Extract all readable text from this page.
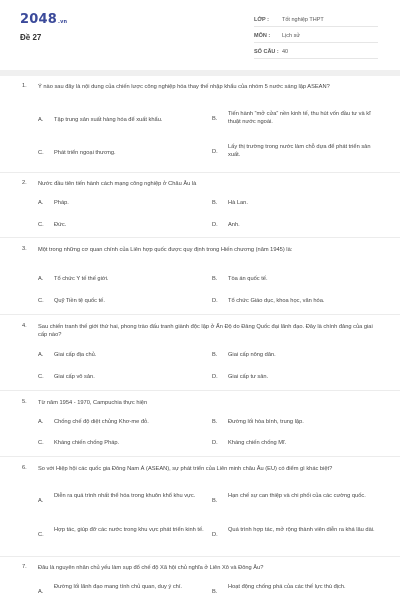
2048.vn
Đề 27
LỚP :	Tốt nghiệp THPT
MÔN :	Lịch sử
SỐ CÂU : 40
1. Ý nào sau đây là nội dung của chiến lược công nghiệp hóa thay thế nhập khẩu của nhóm 5 nước sáng lập ASEAN?
A. Tập trung sản xuất hàng hóa để xuất khẩu.	B.
Tiến hành “mở cửa” nền kinh tế, thu hút vốn đầu tư và kĩ thuật nước ngoài.
C. Phát triển ngoại thương.	D.
Lấy thị trường trong nước làm chỗ dựa để phát triển sản xuất.
2. Nước đầu tiên tiến hành cách mạng công nghiệp ở Châu Âu là
A. Pháp.	B. Hà Lan.
C. Đức.	D. Anh.
3. Một trong những cơ quan chính của Liên hợp quốc được quy định trong Hiến chương (năm 1945) là:
A. Tổ chức Y tế thế giới.	B. Tòa án quốc tế.
C. Quỹ Tiền tệ quốc tế.	D. Tổ chức Giáo dục, khoa học, văn hóa.
4. Sau chiến tranh thế giới thứ hai, phong trào đấu tranh giành độc lập ở Ấn Độ do Đảng Quốc đại lãnh đạo. Đây là chính đảng của giai cấp nào?
A. Giai cấp địa chủ.	B. Giai cấp nông dân.
C. Giai cấp vô sản.	D. Giai cấp tư sản.
5. Từ năm 1954 - 1970, Campuchia thực hiện
A. Chống chế độ diệt chủng Khơ-me đỏ.	B. Đường lối hòa bình, trung lập.
C. Kháng chiến chống Pháp.	D. Kháng chiến chống Mĩ.
6. So với Hiệp hội các quốc gia Đông Nam Á (ASEAN), sự phát triển của Liên minh châu Âu (EU) có điểm gì khác biệt?
A.
Diễn ra quá trình nhất thể hóa trong khuôn khổ khu vực.
B.
Hạn chế sự can thiệp và chi phối của các cường quốc.
C.
Hợp tác, giúp đỡ các nước trong khu vực phát triển kinh tế.
D.
Quá trình hợp tác, mở rộng thành viên diễn ra khá lâu dài.
7. Đâu là nguyên nhân chủ yếu làm sụp đổ chế độ Xã hội chủ nghĩa ở Liên Xô và Đông Âu?
A.
Đường lối lãnh đạo mang tính chủ quan, duy ý chí.
B.
Hoạt động chống phá của các thế lực thù địch.
